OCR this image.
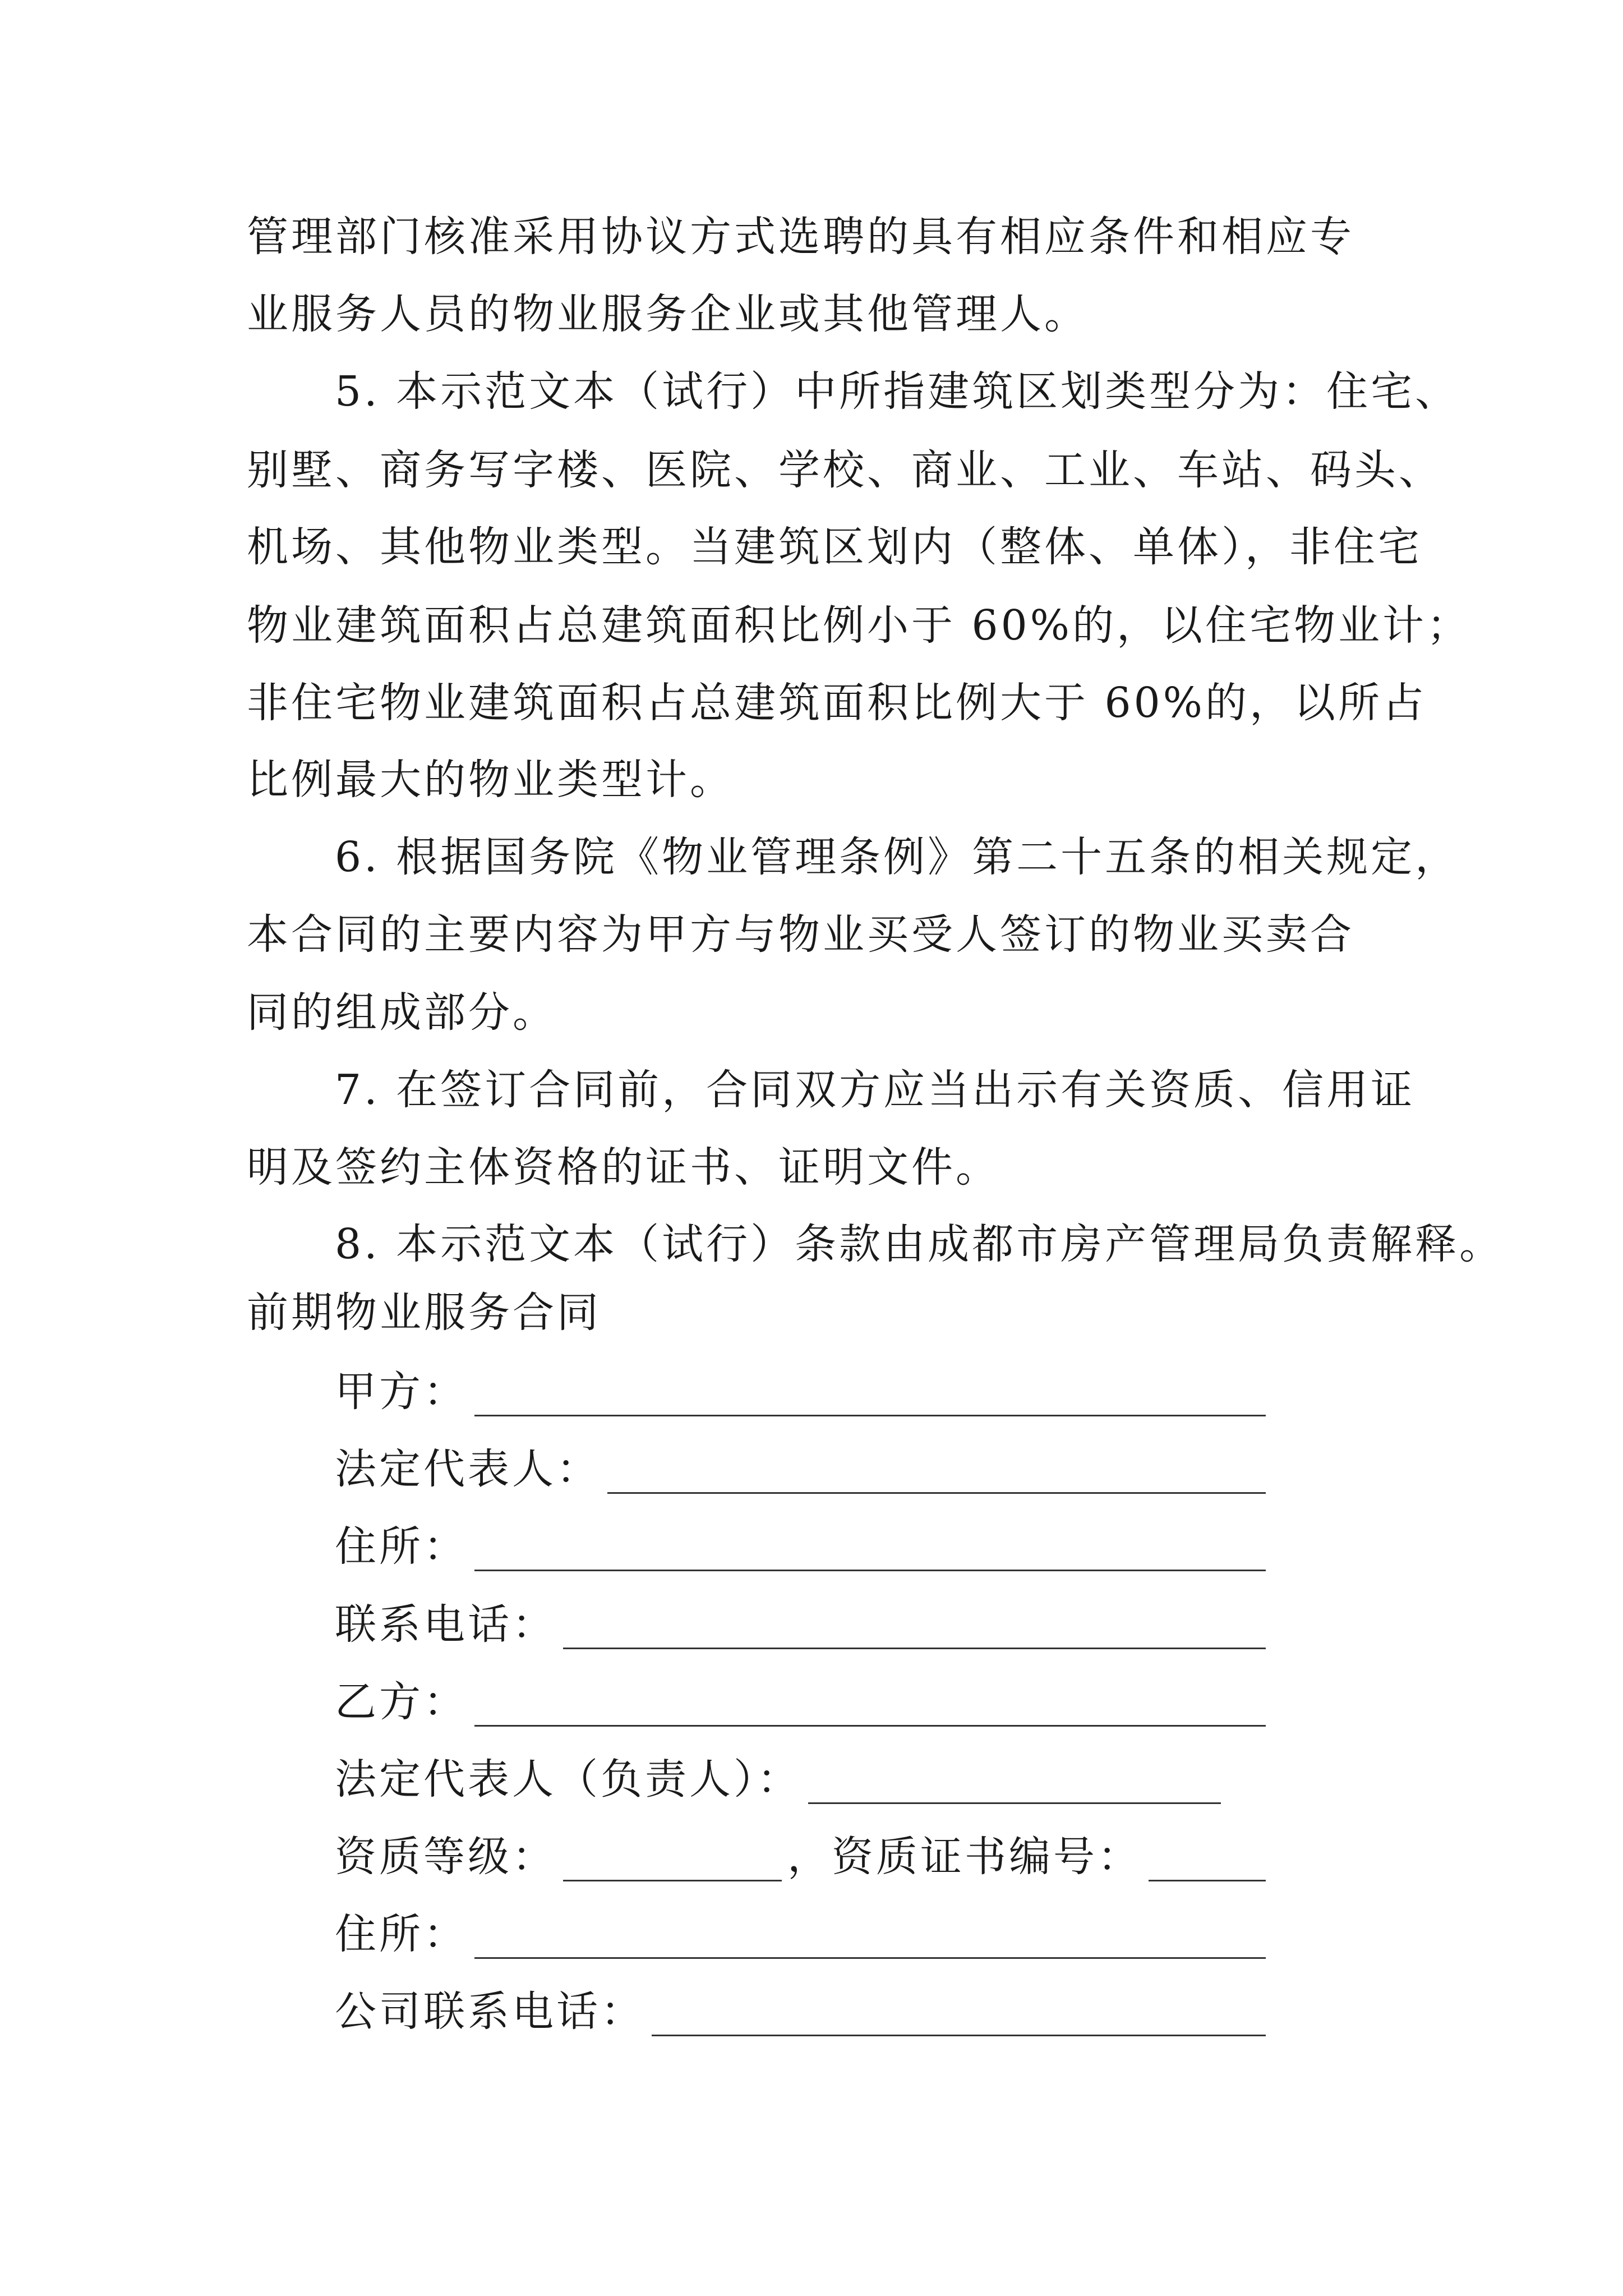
管理部门核准采用协议方式选聘的具有相应条件和相应专
业服务人员的物业服务企业或其他管理人。
5. 本示范文本（试行）中所指建筑区划类型分为：住宅、
别墅、商务写字楼、医院、学校、商业、工业、车站、码头、
机场、其他物业类型。当建筑区划内（整体、单体），非住宅
物业建筑面积占总建筑面积比例小于 60%的，以住宅物业计；
非住宅物业建筑面积占总建筑面积比例大于 60%的，以所占
比例最大的物业类型计。
6. 根据国务院《物业管理条例》第二十五条的相关规定，
本合同的主要内容为甲方与物业买受人签订的物业买卖合
同的组成部分。
7. 在签订合同前，合同双方应当出示有关资质、信用证
明及签约主体资格的证书、证明文件。
8. 本示范文本（试行）条款由成都市房产管理局负责解释。
前期物业服务合同
甲方：
法定代表人：
住所：
联系电话：
乙方：
法定代表人（负责人）：
资质等级：	，资质证书编号：
住所：
公司联系电话：
